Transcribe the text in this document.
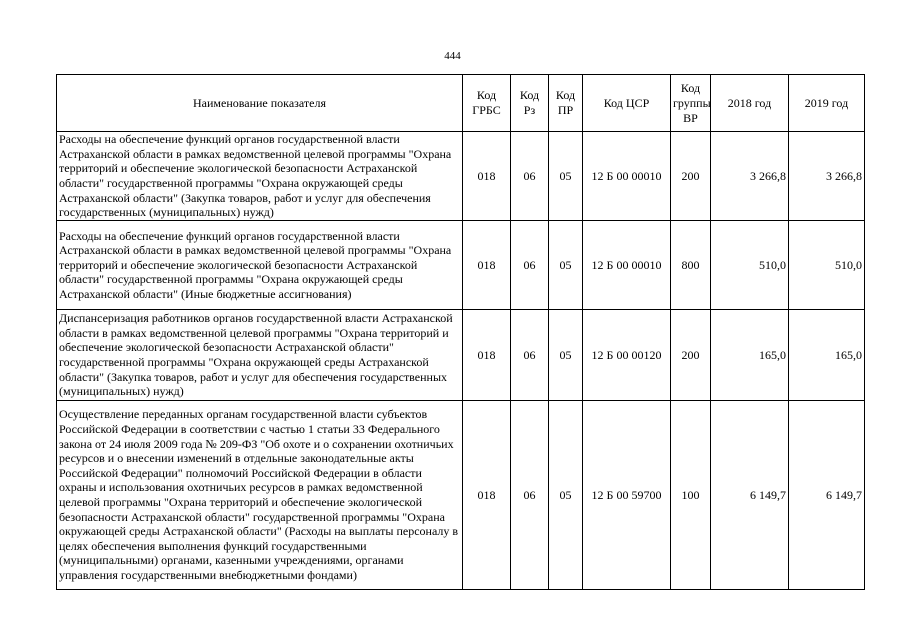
444
Наименование показателя	Код ГРБС	Код Рз	Код ПР	Код ЦСР	Код группы ВР	2018 год	2019 год
Расходы на обеспечение функций органов государственной власти Астраханской области в рамках ведомственной целевой программы "Охрана территорий и обеспечение экологической безопасности Астраханской области" государственной программы "Охрана окружающей среды Астраханской области" (Закупка товаров, работ и услуг для обеспечения государственных (муниципальных) нужд)	018	06	05	12 Б 00 00010	200	3 266,8	3 266,8
Расходы на обеспечение функций органов государственной власти Астраханской области в рамках ведомственной целевой программы "Охрана территорий и обеспечение экологической безопасности Астраханской области" государственной программы "Охрана окружающей среды Астраханской области" (Иные бюджетные ассигнования)	018	06	05	12 Б 00 00010	800	510,0	510,0
Диспансеризация работников органов государственной власти Астраханской области в рамках ведомственной целевой программы "Охрана территорий и обеспечение экологической безопасности Астраханской области" государственной программы "Охрана окружающей среды Астраханской области" (Закупка товаров, работ и услуг для обеспечения государственных (муниципальных) нужд)	018	06	05	12 Б 00 00120	200	165,0	165,0
Осуществление переданных органам государственной власти субъектов Российской Федерации в соответствии с частью 1 статьи 33 Федерального закона от 24 июля 2009 года № 209-ФЗ "Об охоте и о сохранении охотничьих ресурсов и о внесении изменений в отдельные законодательные акты Российской Федерации" полномочий Российской Федерации в области охраны и использования охотничьих ресурсов в рамках ведомственной целевой программы "Охрана территорий и обеспечение экологической безопасности Астраханской области" государственной программы "Охрана окружающей среды Астраханской области" (Расходы на выплаты персоналу в целях обеспечения выполнения функций государственными (муниципальными) органами, казенными учреждениями, органами управления государственными внебюджетными фондами)	018	06	05	12 Б 00 59700	100	6 149,7	6 149,7
